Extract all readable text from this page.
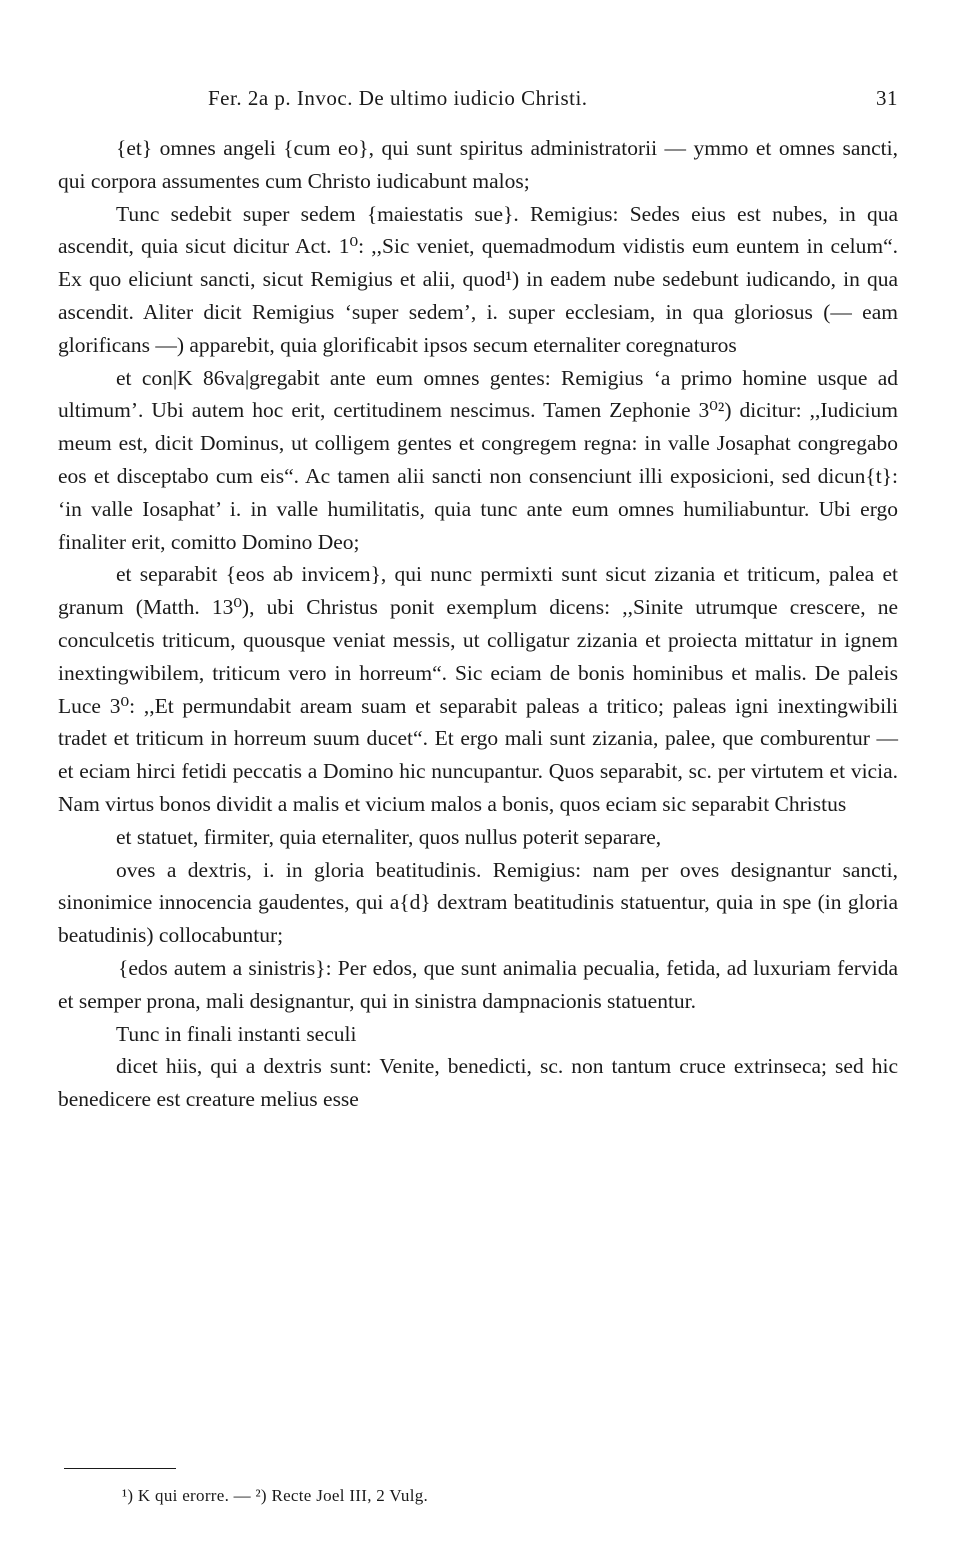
Fer. 2a p. Invoc. De ultimo iudicio Christi.	31

{et} omnes angeli {cum eo}, qui sunt spiritus administratorii — ymmo et omnes sancti, qui corpora assumentes cum Christo iudicabunt malos;

Tunc sedebit super sedem {maiestatis sue}. Remigius: Sedes eius est nubes, in qua ascendit, quia sicut dicitur Act. 1⁰: ,,Sic veniet, quemadmodum vidistis eum euntem in celum“. Ex quo eliciunt sancti, sicut Remigius et alii, quod¹) in eadem nube sedebunt iudicando, in qua ascendit. Aliter dicit Remigius ‘super sedem’, i. super ecclesiam, in qua gloriosus (— eam glorificans —) apparebit, quia glorificabit ipsos secum eternaliter coregnaturos

et con|K 86va|gregabit ante eum omnes gentes: Remigius ‘a primo homine usque ad ultimum’. Ubi autem hoc erit, certitudinem nescimus. Tamen Zephonie 3⁰²) dicitur: ,,Iudicium meum est, dicit Dominus, ut colligem gentes et congregem regna: in valle Josaphat congregabo eos et disceptabo cum eis“. Ac tamen alii sancti non consenciunt illi exposicioni, sed dicun{t}: ‘in valle Iosaphat’ i. in valle humilitatis, quia tunc ante eum omnes humiliabuntur. Ubi ergo finaliter erit, comitto Domino Deo;

et separabit {eos ab invicem}, qui nunc permixti sunt sicut zizania et triticum, palea et granum (Matth. 13⁰), ubi Christus ponit exemplum dicens: ,,Sinite utrumque crescere, ne conculcetis triticum, quousque veniat messis, ut colligatur zizania et proiecta mittatur in ignem inextingwibilem, triticum vero in horreum“. Sic eciam de bonis hominibus et malis. De paleis Luce 3⁰: ,,Et permundabit aream suam et separabit paleas a tritico; paleas igni inextingwibili tradet et triticum in horreum suum ducet“. Et ergo mali sunt zizania, palee, que comburentur — et eciam hirci fetidi peccatis a Domino hic nuncupantur. Quos separabit, sc. per virtutem et vicia. Nam virtus bonos dividit a malis et vicium malos a bonis, quos eciam sic separabit Christus

et statuet, firmiter, quia eternaliter, quos nullus poterit separare,

oves a dextris, i. in gloria beatitudinis. Remigius: nam per oves designantur sancti, sinonimice innocencia gaudentes, qui a{d} dextram beatitudinis statuentur, quia in spe (in gloria beatudinis) collocabuntur;

{edos autem a sinistris}: Per edos, que sunt animalia pecualia, fetida, ad luxuriam fervida et semper prona, mali designantur, qui in sinistra dampnacionis statuentur.

Tunc in finali instanti seculi

dicet hiis, qui a dextris sunt: Venite, benedicti, sc. non tantum cruce extrinseca; sed hic benedicere est creature melius esse

¹) K qui erorre. — ²) Recte Joel III, 2 Vulg.
